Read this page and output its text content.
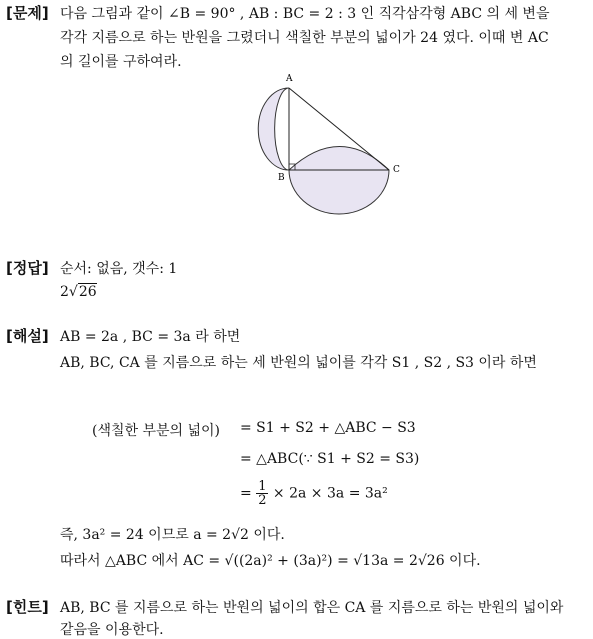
[문제] 다음 그림과 같이 ∠B = 90° , AB : BC = 2 : 3 인 직각삼각형 ABC 의 세 변을
각각 지름으로 하는 반원을 그렸더니 색칠한 부분의 넓이가 24 였다. 이때 변 AC
의 길이를 구하여라.
A
B
C
[정답] 순서: 없음, 갯수: 1
2√26
[해설] AB = 2a , BC = 3a 라 하면
AB, BC, CA 를 지름으로 하는 세 반원의 넓이를 각각 S1 , S2 , S3 이라 하면
(색칠한 부분의 넓이) = S1 + S2 + △ABC − S3
= △ABC(∵ S1 + S2 = S3)
= $\frac{1}{2} \times 2a \times 3a = 3a^2$
즉, 3a² = 24 이므로 a = 2√2 이다.
따라서 △ABC 에서 AC = √((2a)² + (3a)²) = √13a = 2√26 이다.
[힌트] AB, BC 를 지름으로 하는 반원의 넓이의 합은 CA 를 지름으로 하는 반원의 넓이와
같음을 이용한다.
